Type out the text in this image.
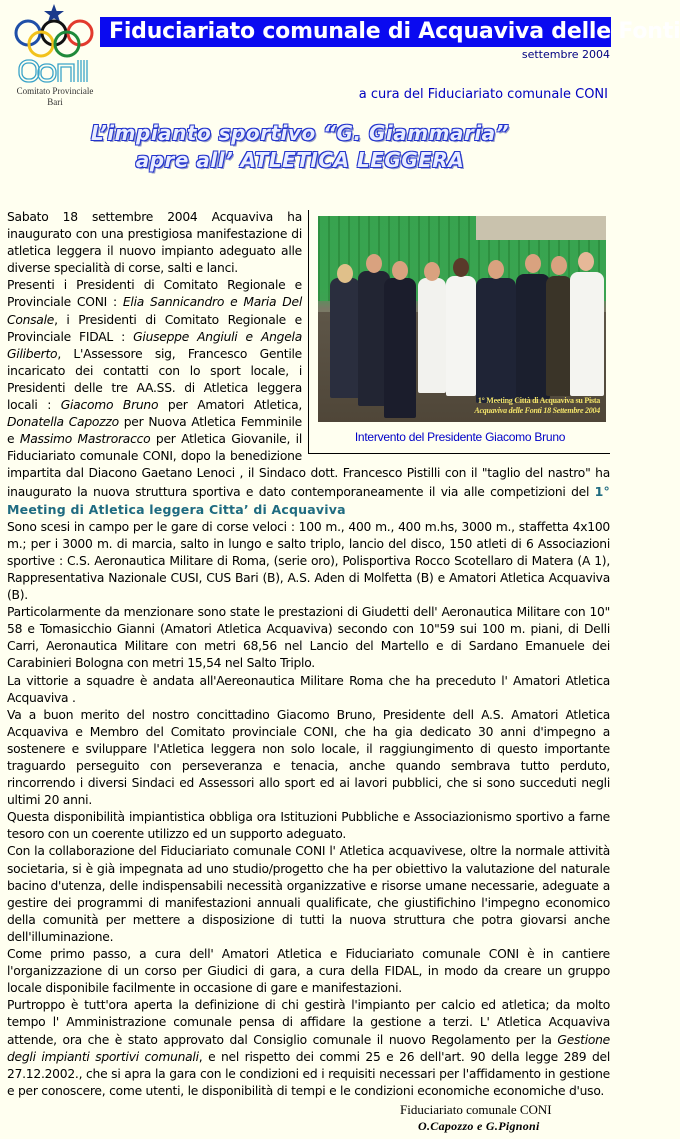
Comitato Provinciale
Bari
Fiduciariato comunale di Acquaviva delle Fonti
settembre 2004
a cura del Fiduciariato comunale CONI
L’impianto sportivo “G. Giammaria”
apre all’ ATLETICA LEGGERA
1° Meeting Città di Acquaviva su Pista
Acquaviva delle Fonti 18 Settembre 2004
Intervento del Presidente Giacomo Bruno

Sabato 18 settembre 2004 Acquaviva ha inaugurato con una prestigiosa manifestazione di atletica leggera il nuovo impianto adeguato alle diverse specialità di corse, salti e lanci.

Presenti i Presidenti di Comitato Regionale e Provinciale CONI : Elia Sannicandro e Maria Del Consale, i Presidenti di Comitato Regionale e Provinciale FIDAL : Giuseppe Angiuli e Angela Giliberto, L'Assessore sig, Francesco Gentile incaricato dei contatti con lo sport locale, i Presidenti delle tre AA.SS. di Atletica leggera locali : Giacomo Bruno per Amatori Atletica, Donatella Capozzo per Nuova Atletica Femminile e Massimo Mastroracco per Atletica Giovanile, il Fiduciariato comunale CONI, dopo la benedizione impartita dal Diacono Gaetano Lenoci , il Sindaco dott. Francesco Pistilli con il "taglio del nastro" ha inaugurato la nuova struttura sportiva e dato contemporaneamente il via alle competizioni del 1° Meeting di Atletica leggera Citta’ di Acquaviva

Sono scesi in campo per le gare di corse veloci : 100 m., 400 m., 400 m.hs, 3000 m., staffetta 4x100 m.; per i 3000 m. di marcia, salto in lungo e salto triplo, lancio del disco, 150 atleti di 6 Associazioni sportive : C.S. Aeronautica Militare di Roma, (serie oro), Polisportiva Rocco Scotellaro di Matera (A 1), Rappresentativa Nazionale CUSI, CUS Bari (B), A.S. Aden di Molfetta (B) e Amatori Atletica Acquaviva (B).

Particolarmente da menzionare sono state le prestazioni di Giudetti dell' Aeronautica Militare con 10" 58 e Tomasicchio Gianni (Amatori Atletica Acquaviva) secondo con 10"59 sui 100 m. piani, di Delli Carri, Aeronautica Militare con metri 68,56 nel Lancio del Martello e di Sardano Emanuele dei Carabinieri Bologna con metri 15,54 nel Salto Triplo.

La vittorie a squadre è andata all'Aereonautica Militare Roma che ha preceduto l' Amatori Atletica Acquaviva .

Va a buon merito del nostro concittadino Giacomo Bruno, Presidente dell A.S. Amatori Atletica Acquaviva e Membro del Comitato provinciale CONI, che ha gia dedicato 30 anni d'impegno a sostenere e sviluppare l'Atletica leggera non solo locale, il raggiungimento di questo importante traguardo perseguito con perseveranza e tenacia, anche quando sembrava tutto perduto, rincorrendo i diversi Sindaci ed Assessori allo sport ed ai lavori pubblici, che si sono succeduti negli ultimi 20 anni.

Questa disponibilità impiantistica obbliga ora Istituzioni Pubbliche e Associazionismo sportivo a farne tesoro con un coerente utilizzo ed un supporto adeguato.

Con la collaborazione del Fiduciariato comunale CONI l' Atletica acquavivese, oltre la normale attività societaria, si è già impegnata ad uno studio/progetto che ha per obiettivo la valutazione del naturale bacino d'utenza, delle indispensabili necessità organizzative e risorse umane necessarie, adeguate a gestire dei programmi di manifestazioni annuali qualificate, che giustifichino l'impegno economico della comunità per mettere a disposizione di tutti la nuova struttura che potra giovarsi anche dell'illuminazione.

Come primo passo, a cura dell' Amatori Atletica e Fiduciariato comunale CONI è in cantiere l'organizzazione di un corso per Giudici di gara, a cura della FIDAL, in modo da creare un gruppo locale disponibile facilmente in occasione di gare e manifestazioni.

Purtroppo è tutt'ora aperta la definizione di chi gestirà l'impianto per calcio ed atletica; da molto tempo l' Amministrazione comunale pensa di affidare la gestione a terzi. L' Atletica Acquaviva attende, ora che è stato approvato dal Consiglio comunale il nuovo Regolamento per la Gestione degli impianti sportivi comunali, e nel rispetto dei commi 25 e 26 dell'art. 90 della legge 289 del 27.12.2002., che si apra la gara con le condizioni ed i requisiti necessari per l'affidamento in gestione e per conoscere, come utenti, le disponibilità di tempi e le condizioni economiche economiche d'uso.

Fiduciariato comunale CONI
O.Capozzo e G.Pignoni
